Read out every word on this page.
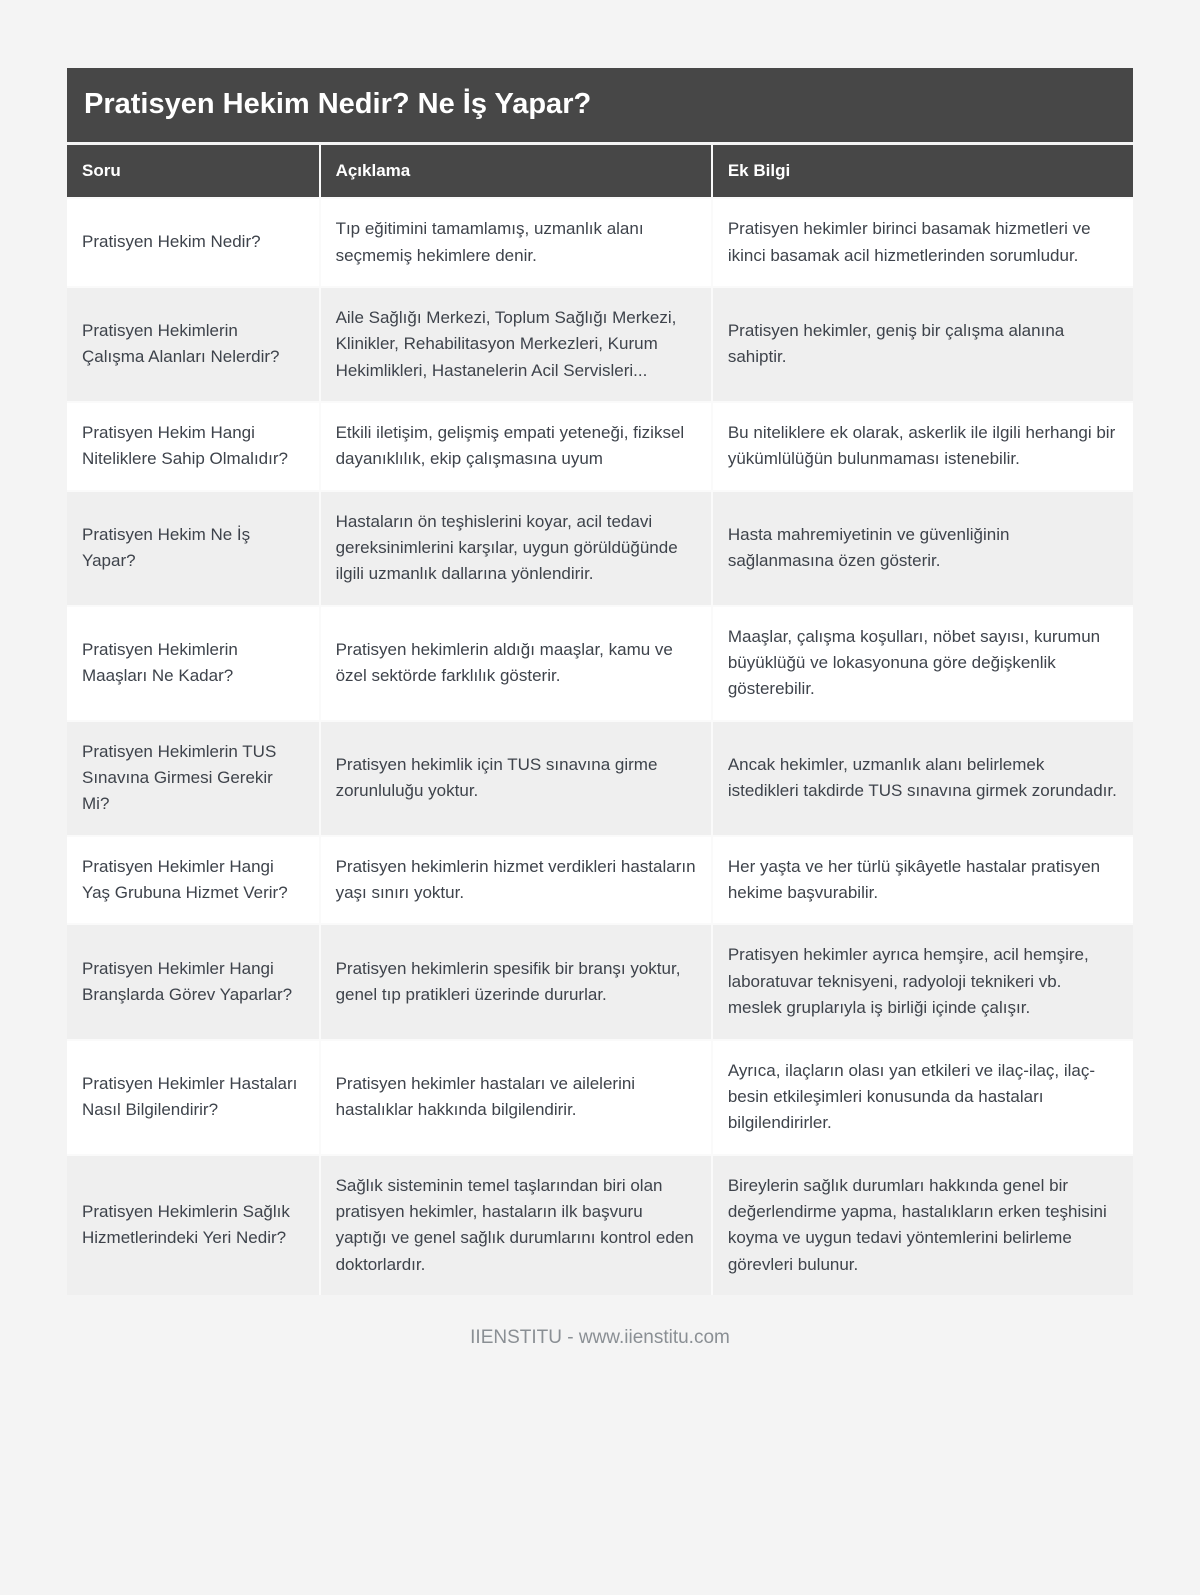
Pratisyen Hekim Nedir? Ne İş Yapar?
Soru	Açıklama	Ek Bilgi
Pratisyen Hekim Nedir?	Tıp eğitimini tamamlamış, uzmanlık alanı seçmemiş hekimlere denir.	Pratisyen hekimler birinci basamak hizmetleri ve ikinci basamak acil hizmetlerinden sorumludur.
Pratisyen Hekimlerin Çalışma Alanları Nelerdir?	Aile Sağlığı Merkezi, Toplum Sağlığı Merkezi, Klinikler, Rehabilitasyon Merkezleri, Kurum Hekimlikleri, Hastanelerin Acil Servisleri...	Pratisyen hekimler, geniş bir çalışma alanına sahiptir.
Pratisyen Hekim Hangi Niteliklere Sahip Olmalıdır?	Etkili iletişim, gelişmiş empati yeteneği, fiziksel dayanıklılık, ekip çalışmasına uyum	Bu niteliklere ek olarak, askerlik ile ilgili herhangi bir yükümlülüğün bulunmaması istenebilir.
Pratisyen Hekim Ne İş Yapar?	Hastaların ön teşhislerini koyar, acil tedavi gereksinimlerini karşılar, uygun görüldüğünde ilgili uzmanlık dallarına yönlendirir.	Hasta mahremiyetinin ve güvenliğinin sağlanmasına özen gösterir.
Pratisyen Hekimlerin Maaşları Ne Kadar?	Pratisyen hekimlerin aldığı maaşlar, kamu ve özel sektörde farklılık gösterir.	Maaşlar, çalışma koşulları, nöbet sayısı, kurumun büyüklüğü ve lokasyonuna göre değişkenlik gösterebilir.
Pratisyen Hekimlerin TUS Sınavına Girmesi Gerekir Mi?	Pratisyen hekimlik için TUS sınavına girme zorunluluğu yoktur.	Ancak hekimler, uzmanlık alanı belirlemek istedikleri takdirde TUS sınavına girmek zorundadır.
Pratisyen Hekimler Hangi Yaş Grubuna Hizmet Verir?	Pratisyen hekimlerin hizmet verdikleri hastaların yaşı sınırı yoktur.	Her yaşta ve her türlü şikâyetle hastalar pratisyen hekime başvurabilir.
Pratisyen Hekimler Hangi Branşlarda Görev Yaparlar?	Pratisyen hekimlerin spesifik bir branşı yoktur, genel tıp pratikleri üzerinde dururlar.	Pratisyen hekimler ayrıca hemşire, acil hemşire, laboratuvar teknisyeni, radyoloji teknikeri vb. meslek gruplarıyla iş birliği içinde çalışır.
Pratisyen Hekimler Hastaları Nasıl Bilgilendirir?	Pratisyen hekimler hastaları ve ailelerini hastalıklar hakkında bilgilendirir.	Ayrıca, ilaçların olası yan etkileri ve ilaç-ilaç, ilaç-besin etkileşimleri konusunda da hastaları bilgilendirirler.
Pratisyen Hekimlerin Sağlık Hizmetlerindeki Yeri Nedir?	Sağlık sisteminin temel taşlarından biri olan pratisyen hekimler, hastaların ilk başvuru yaptığı ve genel sağlık durumlarını kontrol eden doktorlardır.	Bireylerin sağlık durumları hakkında genel bir değerlendirme yapma, hastalıkların erken teşhisini koyma ve uygun tedavi yöntemlerini belirleme görevleri bulunur.
IIENSTITU - www.iienstitu.com
